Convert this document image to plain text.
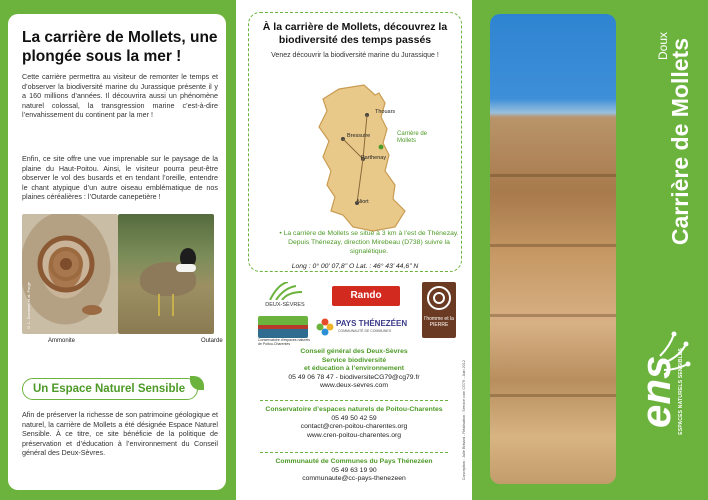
La carrière de Mollets, une plongée sous la mer !

Cette carrière permettra au visiteur de remonter le temps et d’observer la biodiversité marine du Jurassique présente il y a 160 millions d’années. Il découvrira aussi un phénomène naturel colossal, la transgression marine c’est-à-dire l’envahissement du continent par la mer !

Enfin, ce site offre une vue imprenable sur le paysage de la plaine du Haut-Poitou. Ainsi, le visiteur pourra peut-être observer le vol des busards et en tendant l’oreille, entendre le chant atypique d’un autre oiseau emblématique de nos plaines céréalières : l’Outarde canepetière !

© L. Ducomet et al. Forge
Ammonite	Outarde
Un Espace Naturel Sensible

Afin de préserver la richesse de son patrimoine géologique et naturel, la carrière de Mollets a été désignée Espace Naturel Sensible. À ce titre, ce site bénéficie de la politique de préservation et d’éducation à l’environnement du Conseil général des Deux-Sèvres.

À la carrière de Mollets, découvrez la biodiversité des temps passés
Venez découvrir la biodiversité marine du Jurassique !
Thouars
Bressuire
Parthenay
Niort
Carrière de Mollets
• La carrière de Mollets se situe à 3 km à l’est de Thénezay. Depuis Thénezay, direction Mirebeau (D738) suivre la signalétique.
Long : 0° 00’ 07,8’’ O Lat. : 46° 43’ 44,6’’ N
DEUX-SÈVRES
Rando
l’homme et la PIERRE
Conservatoire d’espaces naturels de Poitou-Charentes
PAYS THÉNEZÉEN
COMMUNAUTÉ DE COMMUNES
Conseil général des Deux-Sèvres
Service biodiversité
et éducation à l’environnement
05 49 06 78 47 - biodiversiteCG79@cg79.fr
www.deux-sevres.com
Conservatoire d’espaces naturels de Poitou-Charentes
05 49 50 42 59
contact@cren-poitou-charentes.org
www.cren-poitou-charentes.org
Communauté de Communes du Pays Thénezéen
05 49 63 19 90
communaute@cc-pays-thenezeen	Conception : Julie Brisard - Réalisation : Service com CG79 - Juin 2012
Doux
Carrière de Mollets
ens ESPACES NATURELS SENSIBLES
